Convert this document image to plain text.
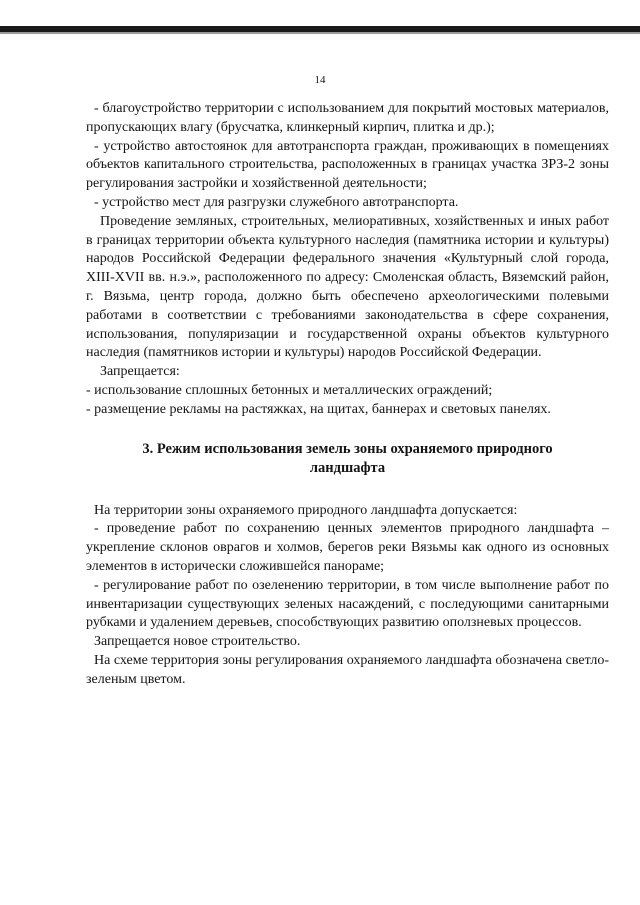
14

- благоустройство территории с использованием для покрытий мостовых материалов, пропускающих влагу (брусчатка, клинкерный кирпич, плитка и др.);

- устройство автостоянок для автотранспорта граждан, проживающих в помещениях объектов капитального строительства, расположенных в границах участка ЗРЗ-2 зоны регулирования застройки и хозяйственной деятельности;

- устройство мест для разгрузки служебного автотранспорта.

Проведение земляных, строительных, мелиоративных, хозяйственных и иных работ в границах территории объекта культурного наследия (памятника истории и культуры) народов Российской Федерации федерального значения «Культурный слой города, XIII-XVII вв. н.э.», расположенного по адресу: Смоленская область, Вяземский район, г. Вязьма, центр города, должно быть обеспечено археологическими полевыми работами в соответствии с требованиями законодательства в сфере сохранения, использования, популяризации и государственной охраны объектов культурного наследия (памятников истории и культуры) народов Российской Федерации.

Запрещается:

- использование сплошных бетонных и металлических ограждений;

- размещение рекламы на растяжках, на щитах, баннерах и световых панелях.

3. Режим использования земель зоны охраняемого природного
ландшафта

На территории зоны охраняемого природного ландшафта допускается:

- проведение работ по сохранению ценных элементов природного ландшафта – укрепление склонов оврагов и холмов, берегов реки Вязьмы как одного из основных элементов в исторически сложившейся панораме;

- регулирование работ по озеленению территории, в том числе выполнение работ по инвентаризации существующих зеленых насаждений, с последующими санитарными рубками и удалением деревьев, способствующих развитию оползневых процессов.

Запрещается новое строительство.

На схеме территория зоны регулирования охраняемого ландшафта обозначена светло-зеленым цветом.
